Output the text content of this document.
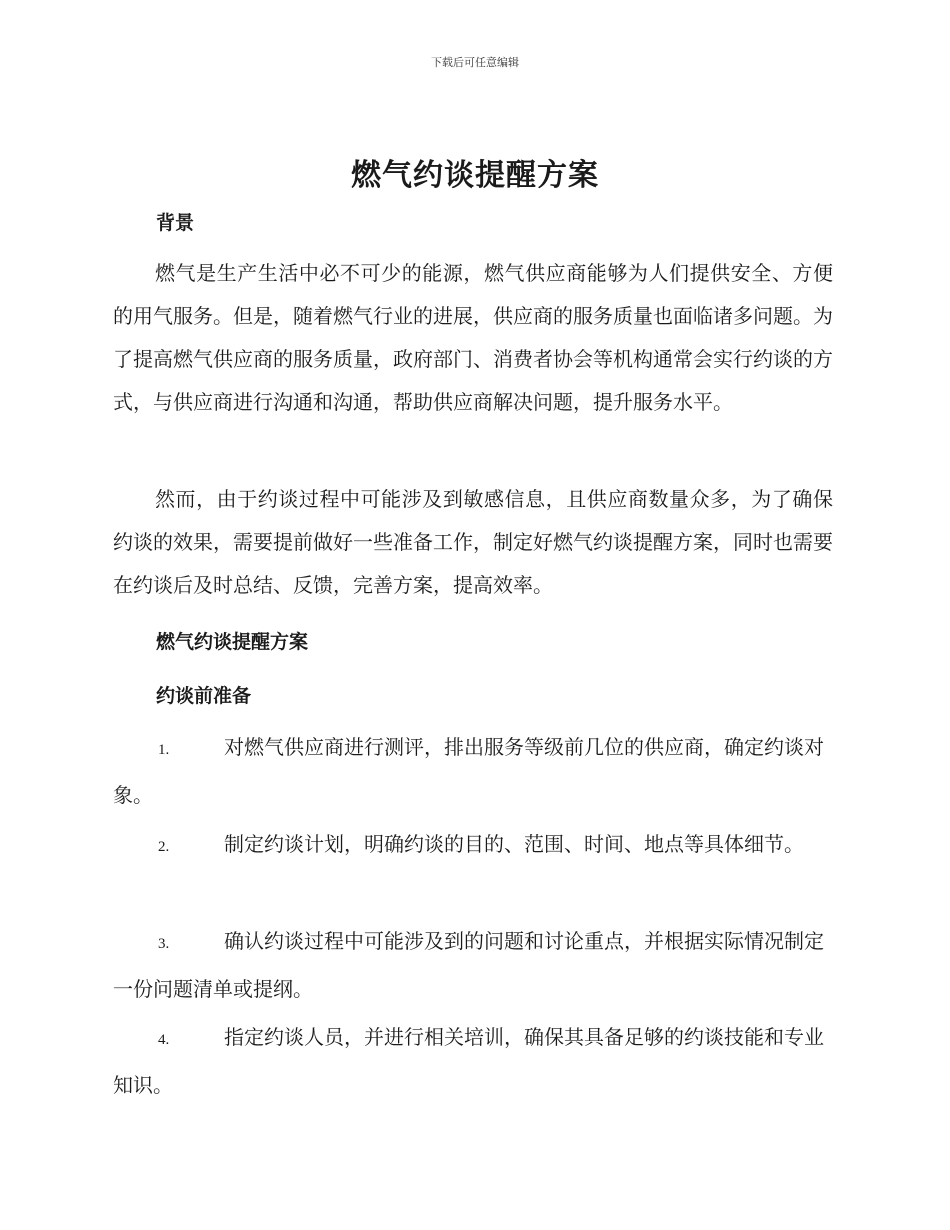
下载后可任意编辑
燃气约谈提醒方案
背景
燃气是生产生活中必不可少的能源，燃气供应商能够为人们提供安全、方便的用气服务。但是，随着燃气行业的进展，供应商的服务质量也面临诸多问题。为了提高燃气供应商的服务质量，政府部门、消费者协会等机构通常会实行约谈的方式，与供应商进行沟通和沟通，帮助供应商解决问题，提升服务水平。
然而，由于约谈过程中可能涉及到敏感信息，且供应商数量众多，为了确保约谈的效果，需要提前做好一些准备工作，制定好燃气约谈提醒方案，同时也需要在约谈后及时总结、反馈，完善方案，提高效率。
燃气约谈提醒方案
约谈前准备
1.	对燃气供应商进行测评，排出服务等级前几位的供应商，确定约谈对象。
2.	制定约谈计划，明确约谈的目的、范围、时间、地点等具体细节。
3.	确认约谈过程中可能涉及到的问题和讨论重点，并根据实际情况制定一份问题清单或提纲。
4.	指定约谈人员，并进行相关培训，确保其具备足够的约谈技能和专业知识。
